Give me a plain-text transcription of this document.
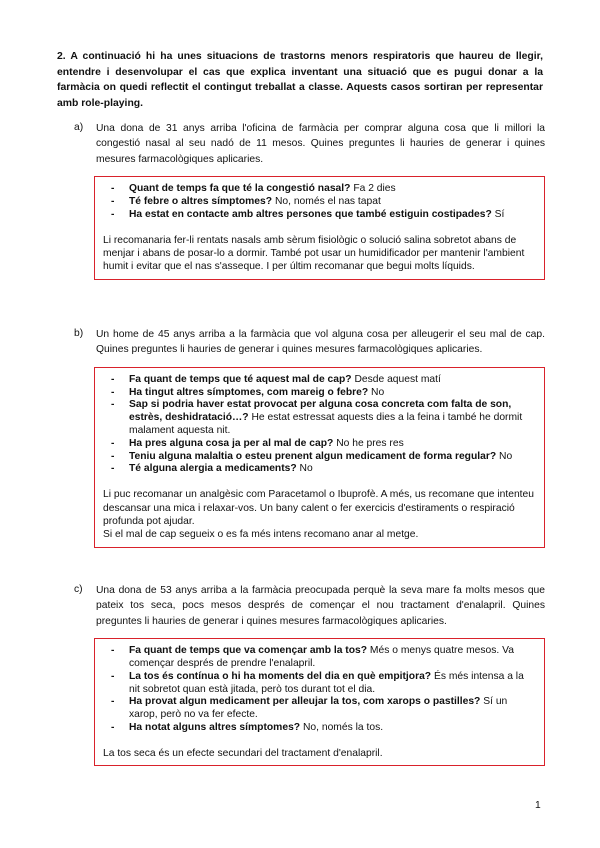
2. A continuació hi ha unes situacions de trastorns menors respiratoris que haureu de llegir, entendre i desenvolupar el cas que explica inventant una situació que es pugui donar a la farmàcia on quedi reflectit el contingut treballat a classe. Aquests casos sortiran per representar amb role-playing.
a) Una dona de 31 anys arriba l'oficina de farmàcia per comprar alguna cosa que li millori la congestió nasal al seu nadó de 11 mesos. Quines preguntes li hauries de generar i quines mesures farmacològiques aplicaries.
- Quant de temps fa que té la congestió nasal? Fa 2 dies
- Té febre o altres símptomes? No, només el nas tapat
- Ha estat en contacte amb altres persones que també estiguin costipades? Sí
Li recomanaria fer-li rentats nasals amb sèrum fisiològic o solució salina sobretot abans de menjar i abans de posar-lo a dormir. També pot usar un humidificador per mantenir l'ambient humit i evitar que el nas s'asseque. I per últim recomanar que begui molts líquids.
b) Un home de 45 anys arriba a la farmàcia que vol alguna cosa per alleugerir el seu mal de cap. Quines preguntes li hauries de generar i quines mesures farmacològiques aplicaries.
- Fa quant de temps que té aquest mal de cap? Desde aquest matí
- Ha tingut altres símptomes, com mareig o febre? No
- Sap si podria haver estat provocat per alguna cosa concreta com falta de son, estrès, deshidratació…? He estat estressat aquests dies a la feina i també he dormit malament aquesta nit.
- Ha pres alguna cosa ja per al mal de cap? No he pres res
- Teniu alguna malaltia o esteu prenent algun medicament de forma regular? No
- Té alguna alergia a medicaments? No
Li puc recomanar un analgèsic com Paracetamol o Ibuprofè. A més, us recomane que intenteu descansar una mica i relaxar-vos. Un bany calent o fer exercicis d'estiraments o respiració profunda pot ajudar.
Si el mal de cap segueix o es fa més intens recomano anar al metge.
c) Una dona de 53 anys arriba a la farmàcia preocupada perquè la seva mare fa molts mesos que pateix tos seca, pocs mesos després de començar el nou tractament d'enalapril. Quines preguntes li hauries de generar i quines mesures farmacològiques aplicaries.
- Fa quant de temps que va començar amb la tos? Més o menys quatre mesos. Va començar després de prendre l'enalapril.
- La tos és contínua o hi ha moments del dia en què empitjora? És més intensa a la nit sobretot quan està jitada, però tos durant tot el dia.
- Ha provat algun medicament per alleujar la tos, com xarops o pastilles? Sí un xarop, però no va fer efecte.
- Ha notat alguns altres símptomes? No, només la tos.
La tos seca és un efecte secundari del tractament d'enalapril.
1
